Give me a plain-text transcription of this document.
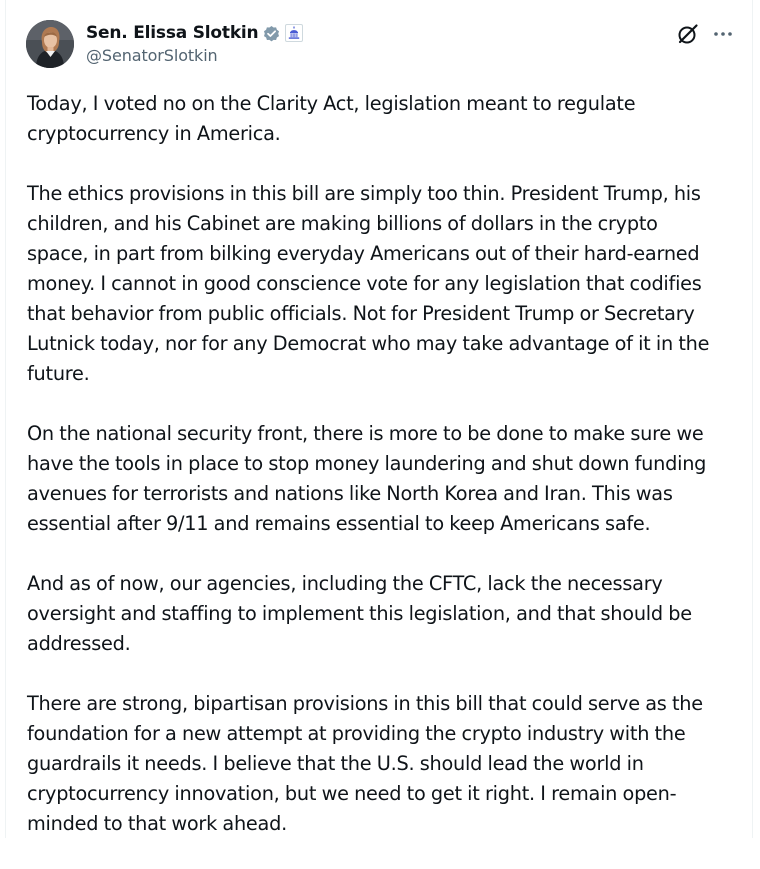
Sen. Elissa Slotkin
@SenatorSlotkin

Today, I voted no on the Clarity Act, legislation meant to regulate
cryptocurrency in America.

The ethics provisions in this bill are simply too thin. President Trump, his
children, and his Cabinet are making billions of dollars in the crypto
space, in part from bilking everyday Americans out of their hard-earned
money. I cannot in good conscience vote for any legislation that codifies
that behavior from public officials. Not for President Trump or Secretary
Lutnick today, nor for any Democrat who may take advantage of it in the
future.

On the national security front, there is more to be done to make sure we
have the tools in place to stop money laundering and shut down funding
avenues for terrorists and nations like North Korea and Iran. This was
essential after 9/11 and remains essential to keep Americans safe.

And as of now, our agencies, including the CFTC, lack the necessary
oversight and staffing to implement this legislation, and that should be
addressed.

There are strong, bipartisan provisions in this bill that could serve as the
foundation for a new attempt at providing the crypto industry with the
guardrails it needs. I believe that the U.S. should lead the world in
cryptocurrency innovation, but we need to get it right. I remain open-
minded to that work ahead.
